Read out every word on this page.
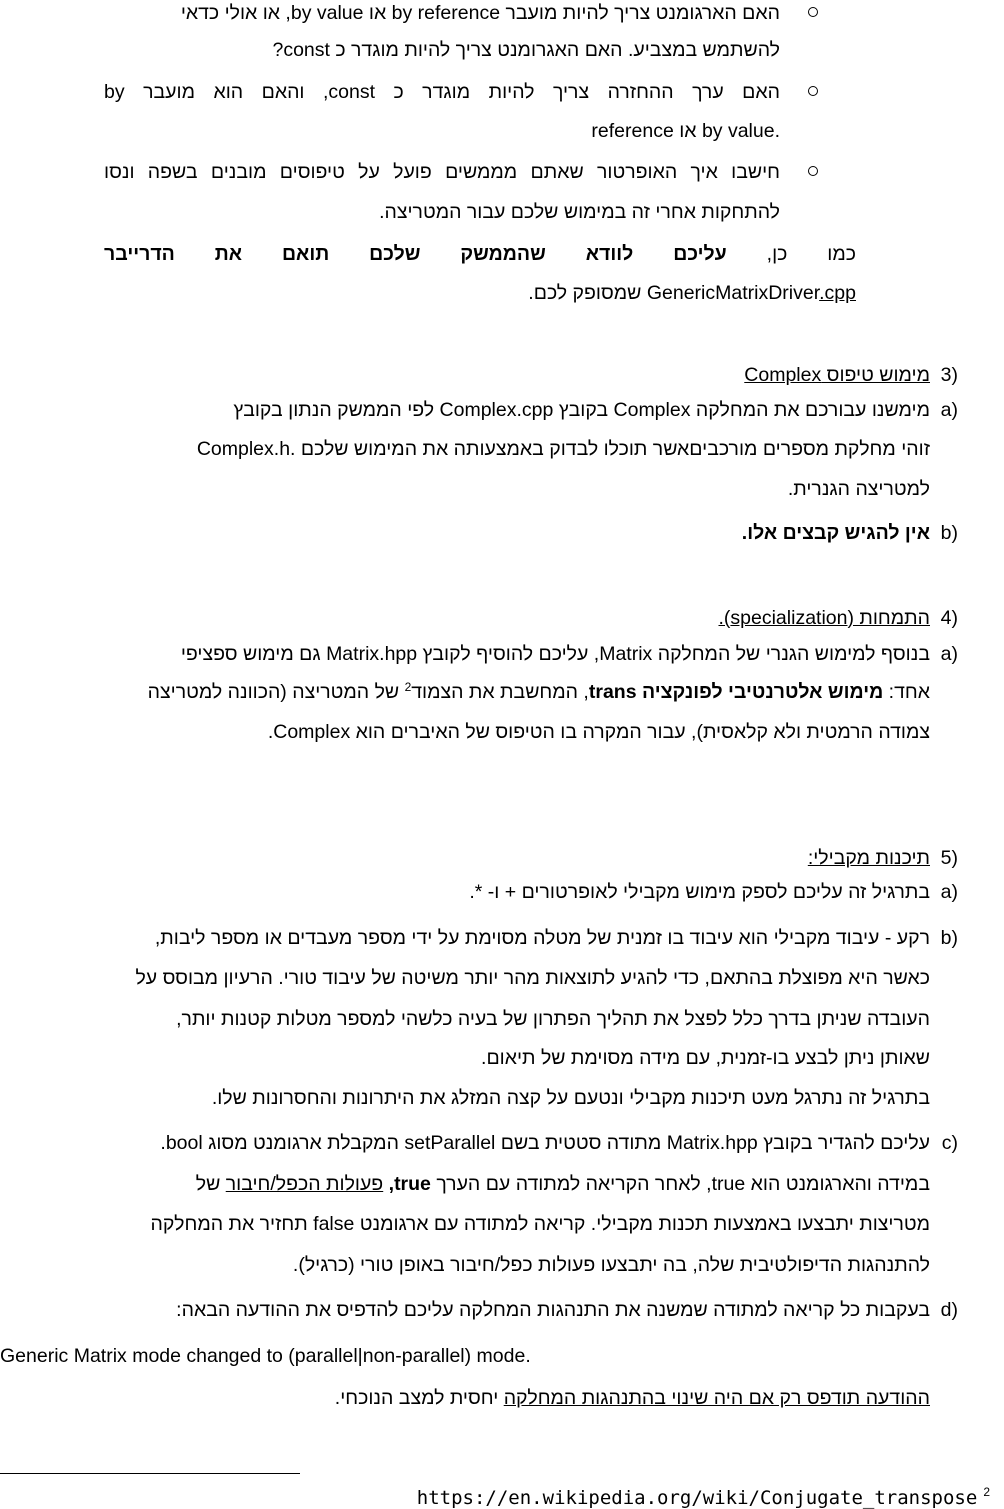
האם הארגומנט צריך להיות מועבר by reference או by value, או אולי כדאי
להשתמש במצביע. האם האגרומנט צריך להיות מוגדר כ const?
האם ערך ההחזרה צריך להיות מוגדר כ const, והאם הוא מועבר by
reference או by value.
חישבו איך האופרטור שאתם מממשים פועל על טיפוסים מובנים בשפה ונסו
להתחקות אחרי זה במימוש שלכם עבור המטריצה.
כמו כן, עליכם לוודא שהממשק שלכם תואם את הדרייבר
GenericMatrixDriver.cpp שמסופק לכם.
3)
מימוש טיפוס Complex
a)
מימשנו עבורכם את המחלקה Complex בקובץ Complex.cpp לפי הממשק הנתון בקובץ
Complex.h. זוהי מחלקת מספרים מורכביםאשר תוכלו לבדוק באמצעותה את המימוש שלכם
למטריצה הגנרית.
b)
אין להגיש קבצים אלו.
4)
התמחות (specialization).
a)
בנוסף למימוש הגנרי של המחלקה Matrix, עליכם להוסיף לקובץ Matrix.hpp גם מימוש ספציפי
אחד: מימוש אלטרנטיבי לפונקציה trans, המחשבת את הצמוד$^2$ של המטריצה (הכוונה למטריצה
צמודה הרמטית ולא קלאסית), עבור המקרה בו הטיפוס של האיברים הוא Complex.
5)
תיכנות מקבילי:
a)
בתרגיל זה עליכם לספק מימוש מקבילי לאופרטורים + ו- *.
b)
רקע - עיבוד מקבילי הוא עיבוד בו זמנית של מטלה מסוימת על ידי מספר מעבדים או מספר ליבות,
כאשר היא מפוצלת בהתאם, כדי להגיע לתוצאות מהר יותר משיטה של עיבוד טורי. הרעיון מבוסס על
העובדה שניתן בדרך כלל לפצל את תהליך הפתרון של בעיה כלשהי למספר מטלות קטנות יותר,
שאותן ניתן לבצע בו-זמנית, עם מידה מסוימת של תיאום.
בתרגיל זה נתרגל מעט תיכנות מקבילי ונטעם על קצה המזלג את היתרונות והחסרונות שלו.
c)
עליכם להגדיר בקובץ Matrix.hpp מתודה סטטית בשם setParallel המקבלת ארגומנט מסוג bool.
במידה והארגומנט הוא true, לאחר הקריאה למתודה עם הערך true, פעולות הכפל/חיבור של
מטריצות יתבצעו באמצעות תכנות מקבילי. קריאה למתודה עם ארגומנט false תחזיר את המחלקה
להתנהגות הדיפולטיבית שלה, בה יתבצעו פעולות כפל/חיבור באופן טורי (כרגיל).
d)
בעקבות כל קריאה למתודה שמשנה את התנהגות המחלקה עליכם להדפיס את ההודעה הבאה:
Generic Matrix mode changed to (parallel|non-parallel) mode.
ההודעה תודפס רק אם היה שינוי בהתנהגות המחלקה יחסית למצב הנוכחי.
https://en.wikipedia.org/wiki/Conjugate_transpose $^2$
